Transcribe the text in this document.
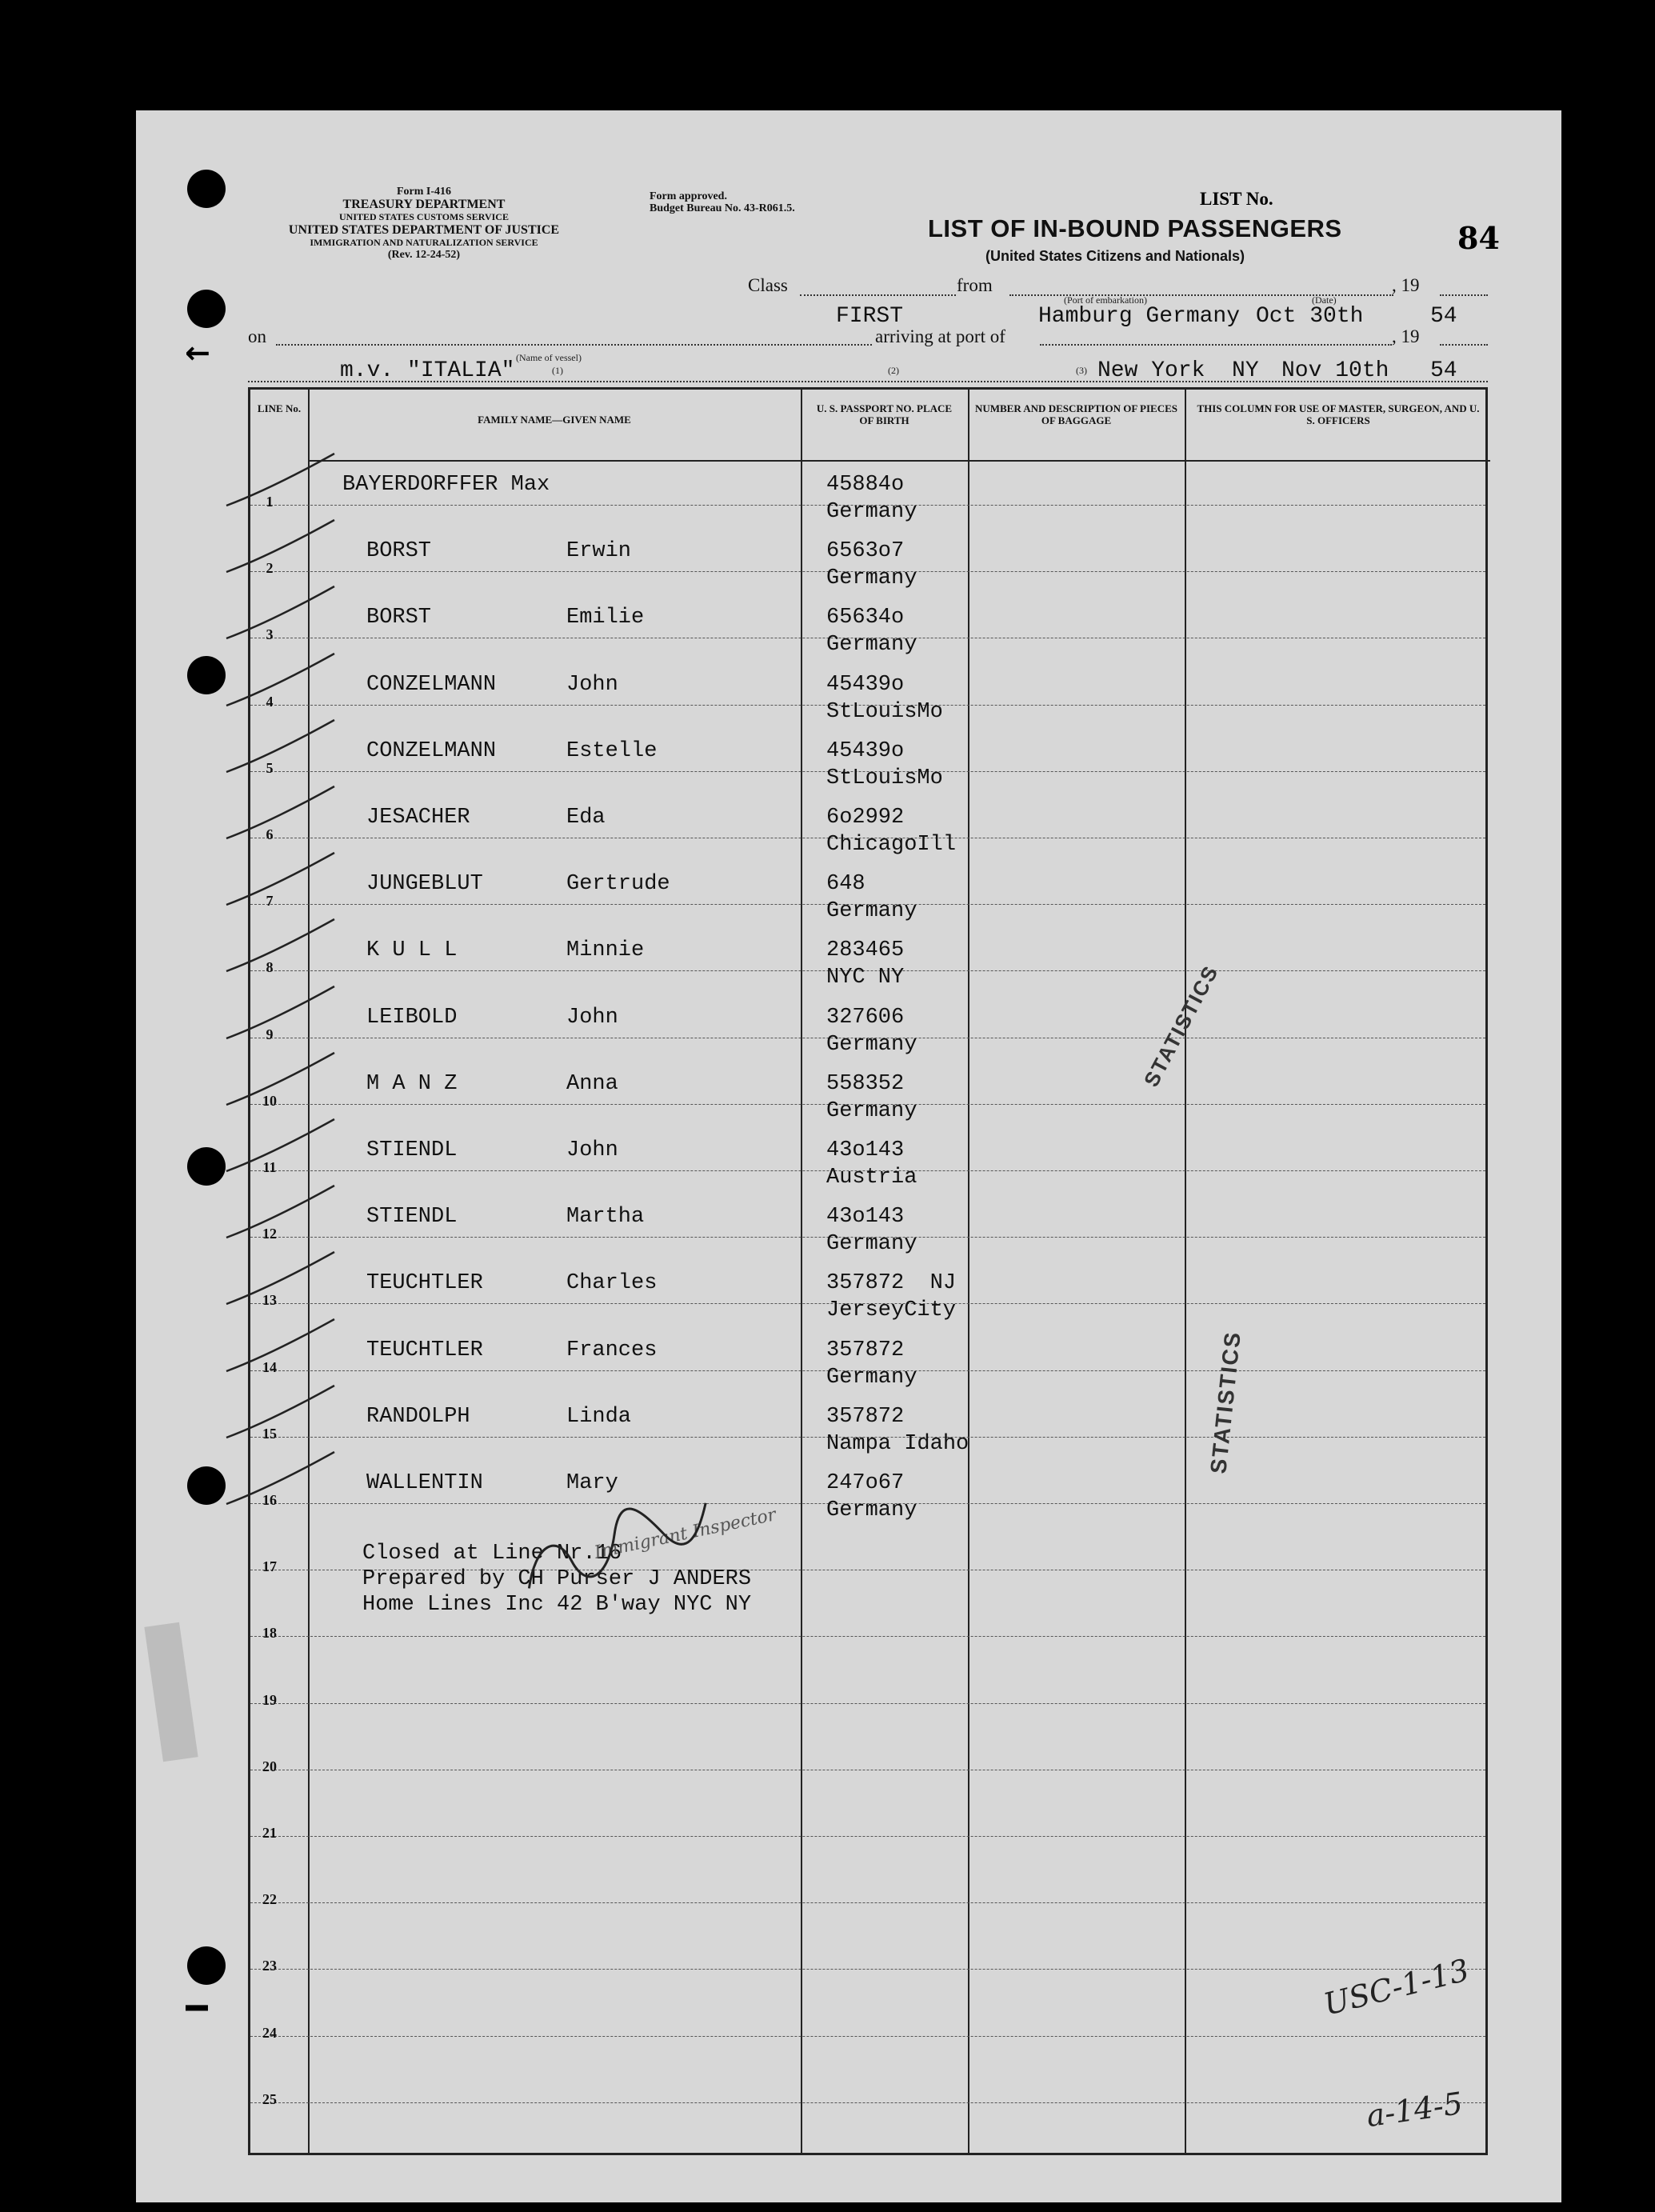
↓
I
Form I-416
TREASURY DEPARTMENT
UNITED STATES CUSTOMS SERVICE
UNITED STATES DEPARTMENT OF JUSTICE
IMMIGRATION AND NATURALIZATION SERVICE
(Rev. 12-24-52)
Form approved.
Budget Bureau No. 43-R061.5.	LIST No.
84
LIST OF IN-BOUND PASSENGERS
(United States Citizens and Nationals)
Class	from	, 19
(Port of embarkation)	(Date)
FIRST	Hamburg Germany Oct 30th	54
on	arriving at port of	, 19
(Name of vessel)
m.v. "ITALIA"	(1)	(2)	(3) New York  NY Nov 10th 54
LINE No.
FAMILY NAME—GIVEN NAME
U. S. PASSPORT NO. PLACE OF BIRTH
NUMBER AND DESCRIPTION OF PIECES OF BAGGAGE
THIS COLUMN FOR USE OF MASTER, SURGEON, AND U. S. OFFICERS
1
BAYERDORFFER Max	45884o
Germany
2
BORST	Erwin	6563o7
Germany
3
BORST	Emilie	65634o
Germany
4
CONZELMANN	John	45439o
StLouisMo
5
CONZELMANN	Estelle	45439o
StLouisMo
6
JESACHER	Eda	6o2992
ChicagoIll
7
JUNGEBLUT	Gertrude	648
Germany
8
K U L L	Minnie	283465
NYC NY
9
LEIBOLD	John	327606
Germany
10
M A N Z	Anna	558352
Germany
11
STIENDL	John	43o143
Austria
12
STIENDL	Martha	43o143
Germany
13
TEUCHTLER	Charles	357872  NJ
JerseyCity
14
TEUCHTLER	Frances	357872
Germany
15
RANDOLPH	Linda	357872
Nampa Idaho
16
WALLENTIN	Mary	247o67
Germany
17
18
19
20
21
22
23
24
25
Closed at Line Nr.16
Prepared by CH Purser J ANDERS
Home Lines Inc 42 B'way NYC NY
Immigrant Inspector
STATISTICS
STATISTICS
USC-1-13
a-14-5
